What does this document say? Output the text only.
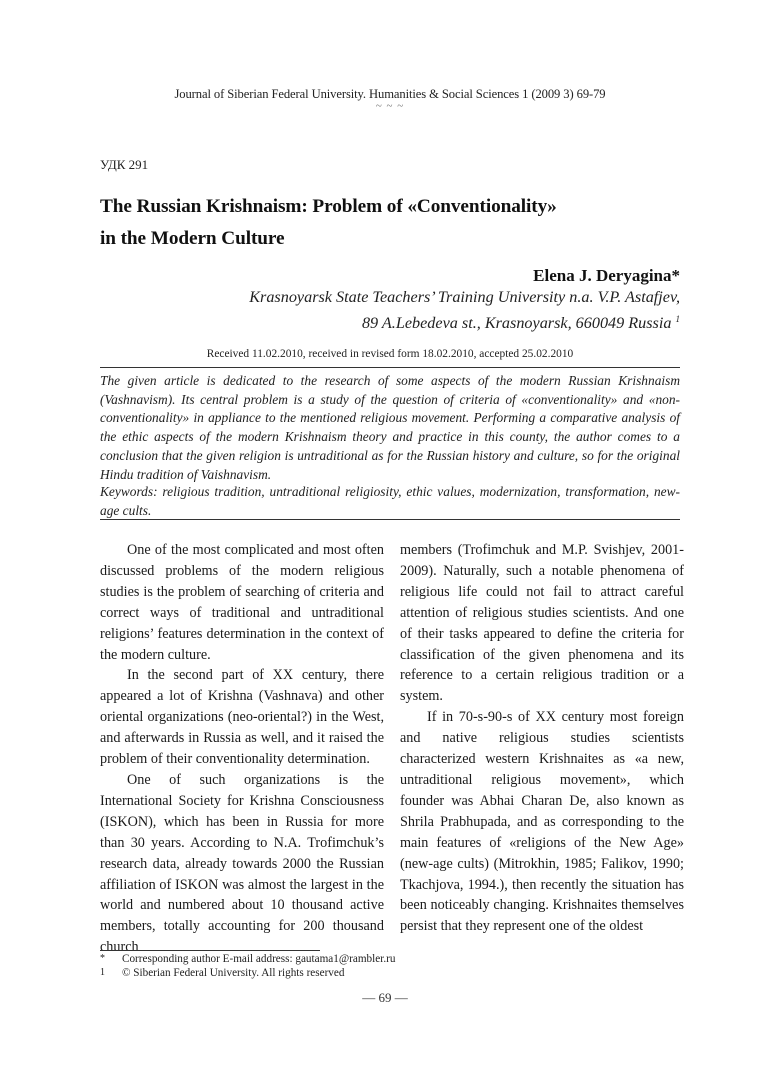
Journal of Siberian Federal University. Humanities & Social Sciences 1 (2009 3) 69-79
~ ~ ~
УДК 291
The Russian Krishnaism: Problem of «Conventionality»
in the Modern Culture
Elena J. Deryagina*
Krasnoyarsk State Teachers’ Training University n.a. V.P. Astafjev,
89 A.Lebedeva st., Krasnoyarsk, 660049 Russia $^1$
Received 11.02.2010, received in revised form 18.02.2010, accepted 25.02.2010
The given article is dedicated to the research of some aspects of the modern Russian Krishnaism (Vashnavism). Its central problem is a study of the question of criteria of «conventionality» and «non-conventionality» in appliance to the mentioned religious movement. Performing a comparative analysis of the ethic aspects of the modern Krishnaism theory and practice in this county, the author comes to a conclusion that the given religion is untraditional as for the Russian history and culture, so for the original Hindu tradition of Vaishnavism.
Keywords: religious tradition, untraditional religiosity, ethic values, modernization, transformation, new-age cults.

One of the most complicated and most often discussed problems of the modern religious studies is the problem of searching of criteria and correct ways of traditional and untraditional religions’ features determination in the context of the modern culture.

In the second part of XX century, there appeared a lot of Krishna (Vashnava) and other oriental organizations (neo-oriental?) in the West, and afterwards in Russia as well, and it raised the problem of their conventionality determination.

One of such organizations is the International Society for Krishna Consciousness (ISKON), which has been in Russia for more than 30 years. According to N.A. Trofimchuk’s research data, already towards 2000 the Russian affiliation of ISKON was almost the largest in the world and numbered about 10 thousand active members, totally accounting for 200 thousand church

members (Trofimchuk and M.P. Svishjev, 2001-2009). Naturally, such a notable phenomena of religious life could not fail to attract careful attention of religious studies scientists. And one of their tasks appeared to define the criteria for classification of the given phenomena and its reference to a certain religious tradition or a system.

If in 70-s-90-s of XX century most foreign and native religious studies scientists characterized western Krishnaites as «a new, untraditional religious movement», which founder was Abhai Charan De, also known as Shrila Prabhupada, and as corresponding to the main features of «religions of the New Age» (new-age cults) (Mitrokhin, 1985; Falikov, 1990; Tkachjova, 1994.), then recently the situation has been noticeably changing. Krishnaites themselves persist that they represent one of the oldest

*	Corresponding author E-mail address: gautama1@rambler.ru
1	© Siberian Federal University. All rights reserved
— 69 —
